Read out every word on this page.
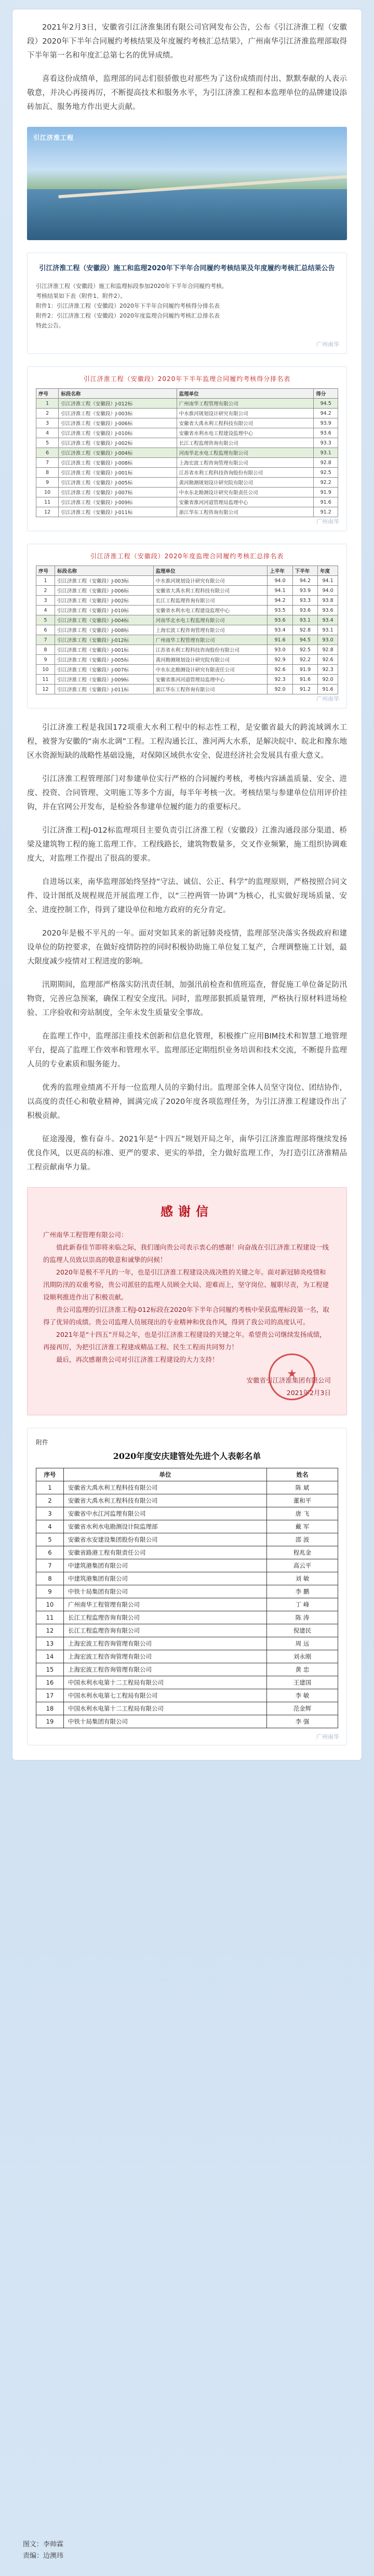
2021年2月3日，安徽省引江济淮集团有限公司官网发布公告，公布《引江济淮工程（安徽段）2020年下半年合同履约考核结果及年度履约考核汇总结果》，广州南华引江济淮监理部取得下半年第一名和年度汇总第七名的优异成绩。

喜看这份成绩单，监理部的同志们很骄傲也对那些为了这份成绩而付出、默默奉献的人表示敬意，并决心再接再厉，不断提高技术和服务水平，为引江济淮工程和本监理单位的品牌建设添砖加瓦、服务地方作出更大贡献。

引江济淮工程
引江济淮工程（安徽段）施工和监理2020年下半年合同履约考核结果及年度履约考核汇总结果公告
引江济淮工程（安徽段）施工和监理标段参加2020年下半年合同履约考核。
考核结果如下表（附件1、附件2）。
附件1：引江济淮工程（安徽段）2020年下半年合同履约考核得分排名表
附件2：引江济淮工程（安徽段）2020年度监理合同履约考核汇总排名表
特此公告。
广州南华
引江济淮工程（安徽段）2020年下半年监理合同履约考核得分排名表
序号	标段名称	监理单位	得分
1	引江济淮工程（安徽段）J-012标	广州南华工程管理有限公司	94.5
2	引江济淮工程（安徽段）J-003标	中水淮河规划设计研究有限公司	94.2
3	引江济淮工程（安徽段）J-006标	安徽省大禹水利工程科技有限公司	93.9
4	引江济淮工程（安徽段）J-010标	安徽省水利水电工程建设监理中心	93.6
5	引江济淮工程（安徽段）J-002标	长江工程监理咨询有限公司	93.3
6	引江济淮工程（安徽段）J-004标	河南华北水电工程监理有限公司	93.1
7	引江济淮工程（安徽段）J-008标	上海宏波工程咨询管理有限公司	92.8
8	引江济淮工程（安徽段）J-001标	江苏省水利工程科技咨询股份有限公司	92.5
9	引江济淮工程（安徽段）J-005标	黄河勘测规划设计研究院有限公司	92.2
10	引江济淮工程（安徽段）J-007标	中水东北勘测设计研究有限责任公司	91.9
11	引江济淮工程（安徽段）J-009标	安徽省淮河河道管理局监理中心	91.6
12	引江济淮工程（安徽段）J-011标	浙江华东工程咨询有限公司	91.2
广州南华
引江济淮工程（安徽段）2020年度监理合同履约考核汇总排名表
序号	标段名称	监理单位	上半年	下半年	年度
1	引江济淮工程（安徽段）J-003标	中水淮河规划设计研究有限公司	94.0	94.2	94.1
2	引江济淮工程（安徽段）J-006标	安徽省大禹水利工程科技有限公司	94.1	93.9	94.0
3	引江济淮工程（安徽段）J-002标	长江工程监理咨询有限公司	94.2	93.3	93.8
4	引江济淮工程（安徽段）J-010标	安徽省水利水电工程建设监理中心	93.5	93.6	93.6
5	引江济淮工程（安徽段）J-004标	河南华北水电工程监理有限公司	93.6	93.1	93.4
6	引江济淮工程（安徽段）J-008标	上海宏波工程咨询管理有限公司	93.4	92.8	93.1
7	引江济淮工程（安徽段）J-012标	广州南华工程管理有限公司	91.6	94.5	93.0
8	引江济淮工程（安徽段）J-001标	江苏省水利工程科技咨询股份有限公司	93.0	92.5	92.8
9	引江济淮工程（安徽段）J-005标	黄河勘测规划设计研究院有限公司	92.9	92.2	92.6
10	引江济淮工程（安徽段）J-007标	中水东北勘测设计研究有限责任公司	92.6	91.9	92.3
11	引江济淮工程（安徽段）J-009标	安徽省淮河河道管理局监理中心	92.3	91.6	92.0
12	引江济淮工程（安徽段）J-011标	浙江华东工程咨询有限公司	92.0	91.2	91.6
广州南华

引江济淮工程是我国172项重大水利工程中的标志性工程，是安徽省最大的跨流域调水工程，被誉为安徽的“南水北调”工程。工程沟通长江、淮河两大水系，是解决皖中、皖北和豫东地区水资源短缺的战略性基础设施，对保障区域供水安全、促进经济社会发展具有重大意义。

引江济淮工程管理部门对参建单位实行严格的合同履约考核，考核内容涵盖质量、安全、进度、投资、合同管理、文明施工等多个方面，每半年考核一次。考核结果与参建单位信用评价挂钩，并在官网公开发布，是检验各参建单位履约能力的重要标尺。

引江济淮工程J-012标监理项目主要负责引江济淮工程（安徽段）江淮沟通段部分渠道、桥梁及建筑物工程的施工监理工作。工程线路长，建筑物数量多，交叉作业频繁，施工组织协调难度大，对监理工作提出了很高的要求。

自进场以来，南华监理部始终坚持“守法、诚信、公正、科学”的监理原则，严格按照合同文件、设计图纸及规程规范开展监理工作，以“三控两管一协调”为核心，扎实做好现场质量、安全、进度控制工作，得到了建设单位和地方政府的充分肯定。

2020年是极不平凡的一年。面对突如其来的新冠肺炎疫情，监理部坚决落实各级政府和建设单位的防控要求，在做好疫情防控的同时积极协助施工单位复工复产，合理调整施工计划，最大限度减少疫情对工程进度的影响。

汛期期间，监理部严格落实防汛责任制，加强汛前检查和值班巡查，督促施工单位备足防汛物资，完善应急预案，确保工程安全度汛。同时，监理部狠抓质量管理，严格执行原材料进场检验、工序验收和旁站制度，全年未发生质量安全事故。

在监理工作中，监理部注重技术创新和信息化管理，积极推广应用BIM技术和智慧工地管理平台，提高了监理工作效率和管理水平。监理部还定期组织业务培训和技术交流，不断提升监理人员的专业素质和服务能力。

优秀的监理业绩离不开每一位监理人员的辛勤付出。监理部全体人员坚守岗位、团结协作，以高度的责任心和敬业精神，圆满完成了2020年度各项监理任务，为引江济淮工程建设作出了积极贡献。

征途漫漫，惟有奋斗。2021年是“十四五”规划开局之年，南华引江济淮监理部将继续发扬优良作风，以更高的标准、更严的要求、更实的举措，全力做好监理工作，为打造引江济淮精品工程贡献南华力量。

感谢信

广州南华工程管理有限公司：

值此新春佳节即将来临之际，我们谨向贵公司表示衷心的感谢！向奋战在引江济淮工程建设一线的监理人员致以崇高的敬意和诚挚的问候！

2020年是极不平凡的一年，也是引江济淮工程建设决战决胜的关键之年。面对新冠肺炎疫情和汛期防汛的双重考验，贵公司派驻的监理人员顾全大局、迎难而上，坚守岗位、履职尽责，为工程建设顺利推进作出了积极贡献。

贵公司监理的引江济淮工程J-012标段在2020年下半年合同履约考核中荣获监理标段第一名，取得了优异的成绩。贵公司监理人员展现出的专业精神和优良作风，得到了我公司的高度认可。

2021年是“十四五”开局之年，也是引江济淮工程建设的关键之年。希望贵公司继续发扬成绩，再接再厉，为把引江济淮工程建成精品工程、民生工程而共同努力！

最后，再次感谢贵公司对引江济淮工程建设的大力支持！

安徽省引江济淮集团有限公司

2021年2月3日

★
附件
2020年度安庆建管处先进个人表彰名单
序号	单位	姓名
1	安徽省大禹水利工程科技有限公司	陈 斌
2	安徽省大禹水利工程科技有限公司	董和平
3	安徽省中水江河监理有限公司	唐 飞
4	安徽省水利水电勘测设计院监理部	戴 军
5	安徽省水安建设集团股份有限公司	邵 波
6	安徽省路港工程有限责任公司	程兆金
7	中建筑港集团有限公司	高云平
8	中建筑港集团有限公司	刘 敏
9	中铁十局集团有限公司	李 鹏
10	广州南华工程管理有限公司	丁 峰
11	长江工程监理咨询有限公司	陈 涛
12	长江工程监理咨询有限公司	倪建民
13	上海宏波工程咨询管理有限公司	周 远
14	上海宏波工程咨询管理有限公司	刘永刚
15	上海宏波工程咨询管理有限公司	黄 忠
16	中国水利水电第十二工程局有限公司	王建国
17	中国水利水电第七工程局有限公司	李 敏
18	中国水利水电第十二工程局有限公司	范金辉
19	中铁十局集团有限公司	李 强
广州南华
图文：李帅霖
责编：边澳玮
